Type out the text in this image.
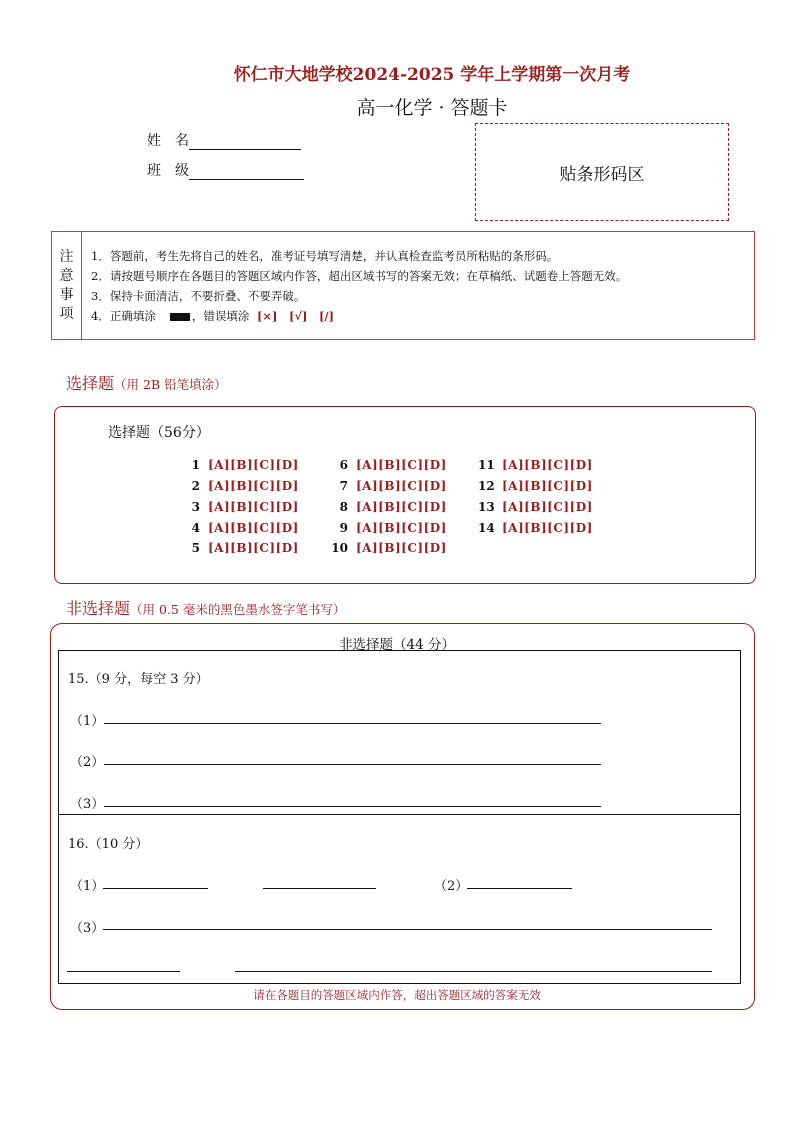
怀仁市大地学校2024-2025 学年上学期第一次月考
高一化学 · 答题卡
姓　名
班　级	贴条形码区
注
意
事
项
1．答题前，考生先将自己的姓名，准考证号填写清楚，并认真检查监考员所粘贴的条形码。
2．请按题号顺序在各题目的答题区域内作答，超出区域书写的答案无效；在草稿纸、试题卷上答题无效。
3．保持卡面清洁，不要折叠、不要弄破。
4．正确填涂	，错误填涂 [×]　[√]　[/]
选择题（用 2B 铅笔填涂）
选择题（56分）
1 [A][B][C][D]
2 [A][B][C][D]
3 [A][B][C][D]
4 [A][B][C][D]
5 [A][B][C][D]
6 [A][B][C][D]
7 [A][B][C][D]
8 [A][B][C][D]
9 [A][B][C][D]
10 [A][B][C][D]
11 [A][B][C][D]
12 [A][B][C][D]
13 [A][B][C][D]
14 [A][B][C][D]
非选择题（用 0.5 毫米的黑色墨水签字笔书写）
非选择题（44 分）
15.（9 分，每空 3 分）
（1）
（2）
（3）
16.（10 分）
（1）	（2）
（3）
请在各题目的答题区域内作答，超出答题区域的答案无效
